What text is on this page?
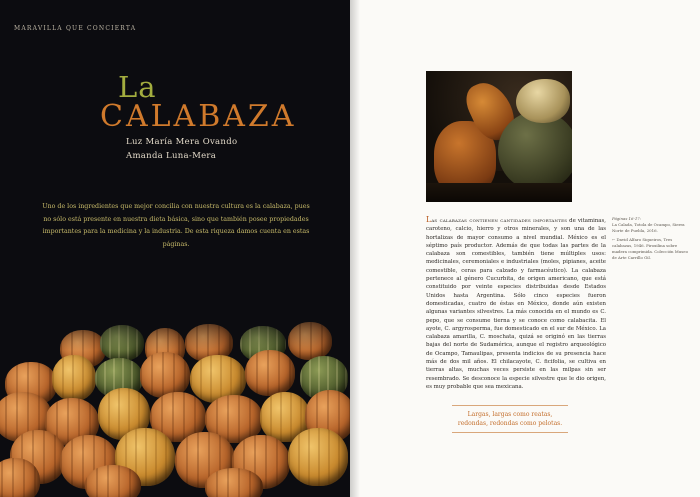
MARAVILLA QUE CONCIERTA
La
CALABAZA
Luz María Mera Ovando
Amanda Luna-Mera
Uno de los ingredientes que mejor concilia con nuestra cultura es la calabaza, pues no sólo está presente en nuestra dieta básica, sino que también posee propiedades importantes para la medicina y la industria. De esta riqueza damos cuenta en estas páginas.
Las calabazas contienen cantidades importantes de vitaminas, caroteno, calcio, hierro y otros minerales, y son una de las hortalizas de mayor consumo a nivel mundial. México es el séptimo país productor. Además de que todas las partes de la calabaza son comestibles, también tiene múltiples usos: medicinales, ceremoniales e industriales (moles, pipianes, aceite comestible, ceras para calzado y farmacéutico). La calabaza pertenece al género Cucurbita, de origen americano, que está constituido por veinte especies distribuidas desde Estados Unidos hasta Argentina. Sólo cinco especies fueron domesticadas, cuatro de éstas en México, donde aún existen algunas variantes silvestres. La más conocida en el mundo es C. pepo, que se consume tierna y se conoce como calabacita. El ayote, C. argyrosperma, fue domesticado en el sur de México. La calabaza amarilla, C. moschata, quizá se originó en las tierras bajas del norte de Sudamérica, aunque el registro arqueológico de Ocampo, Tamaulipas, presenta indicios de su presencia hace más de dos mil años. El chilacayote, C. ficifolia, se cultiva en tierras altas, muchas veces persiste en las milpas sin ser resembrado. Se desconoce la especie silvestre que le dio origen, es muy probable que sea mexicana.
Páginas 16-17:
La Calada, Totola de Ocampo, Sierra Norte de Puebla, 2016.
← David Alfaro Siqueiros, Tres calabazas, 1946. Piroxilina sobre madera comprimida. Colección Museo de Arte Carrillo Gil.
Largas, largas como reatas, redondas, redondas como pelotas.
